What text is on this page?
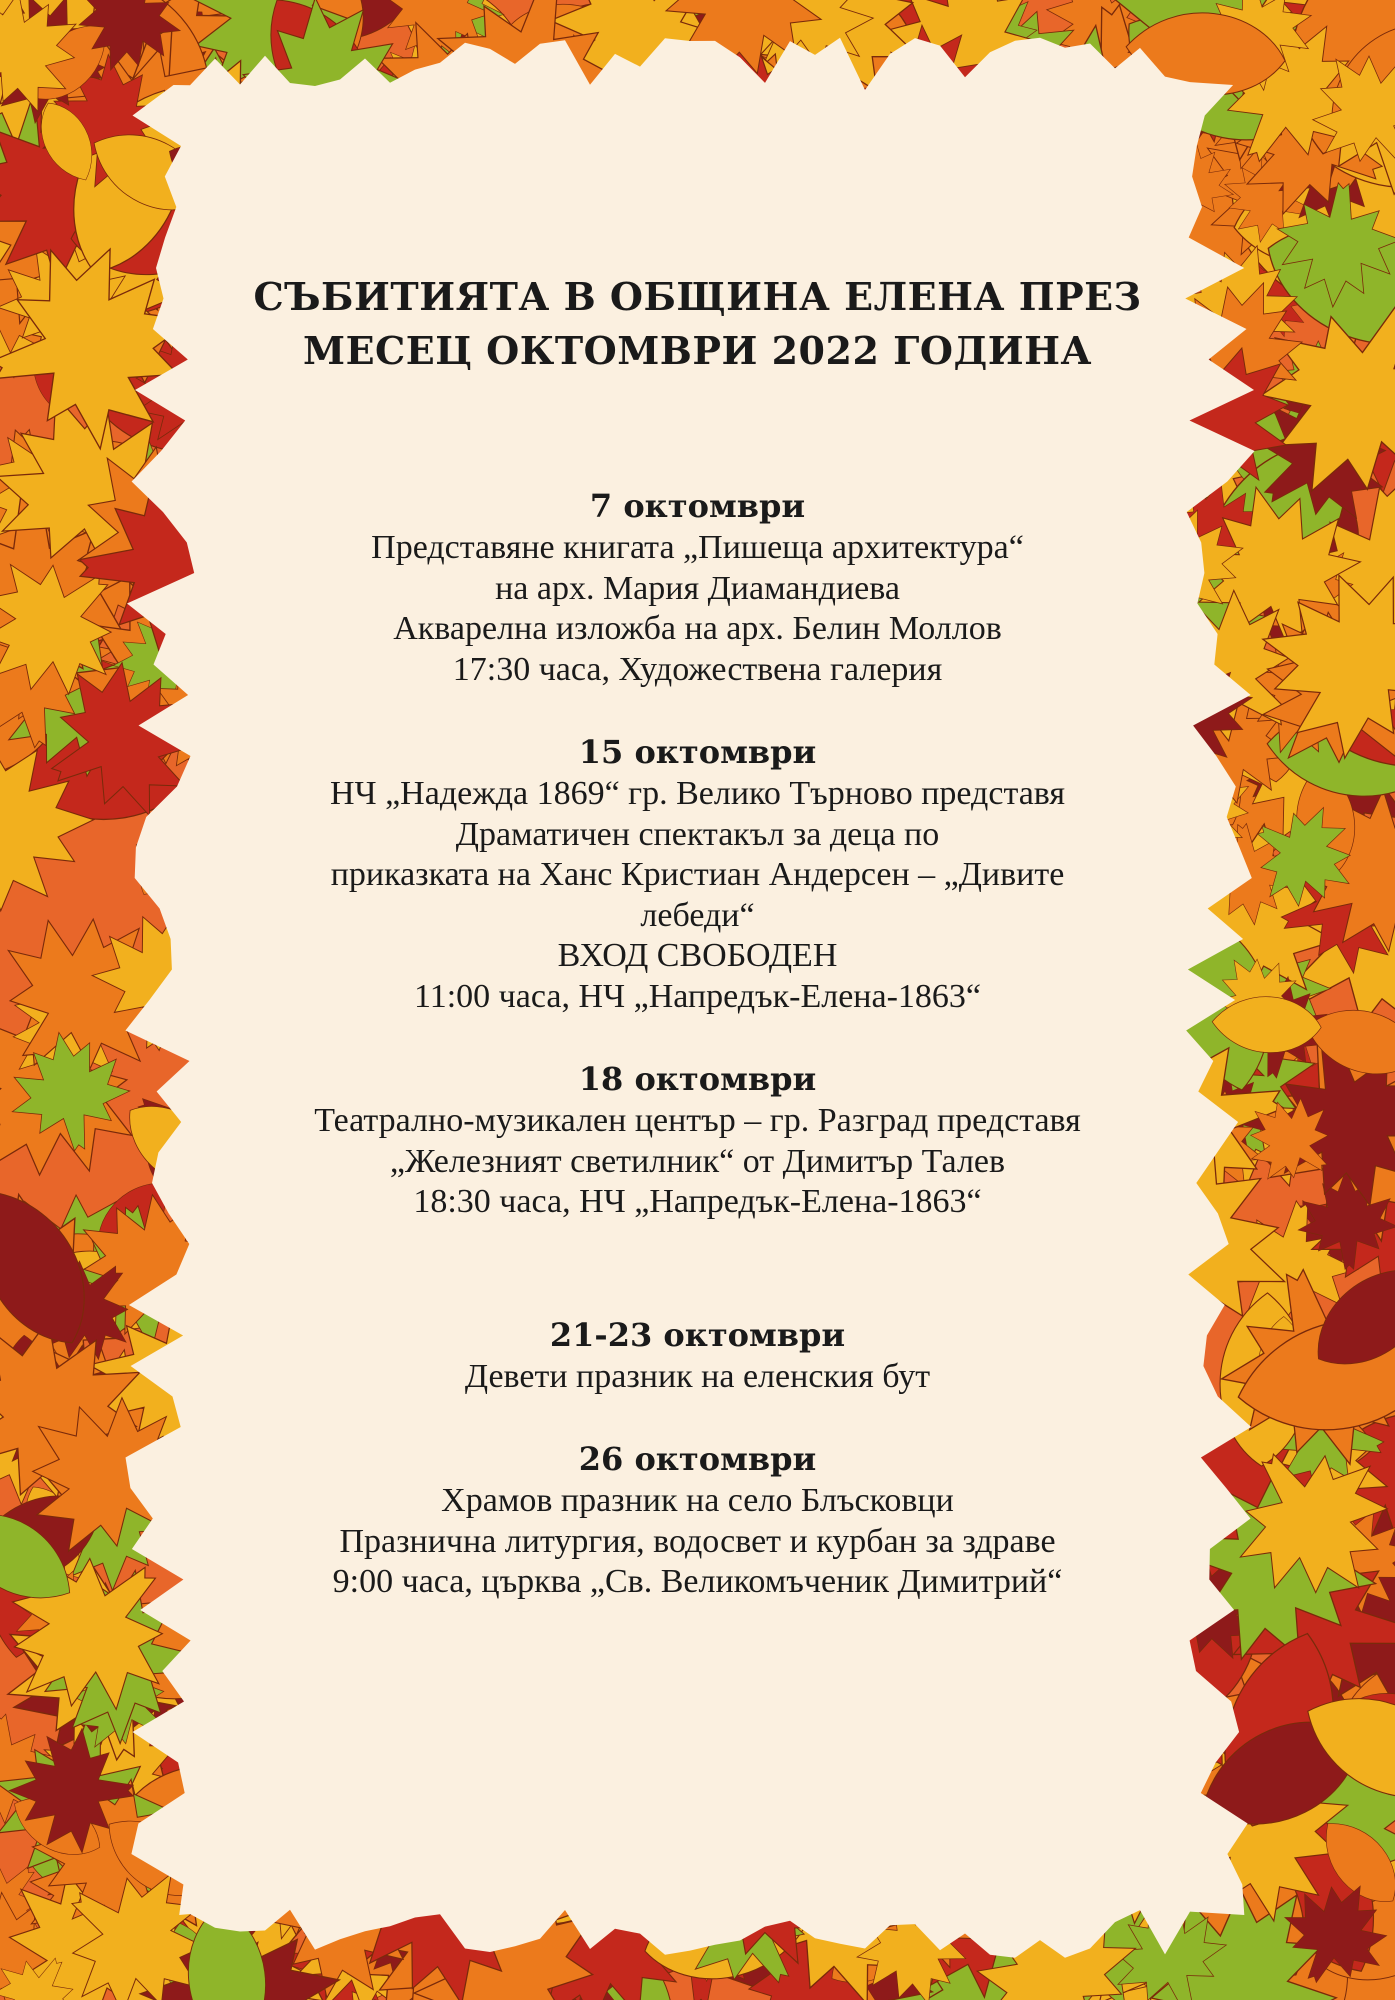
СЪБИТИЯТА В ОБЩИНА ЕЛЕНА ПРЕЗ
МЕСЕЦ ОКТОМВРИ 2022 ГОДИНА
7 октомври
Представяне книгата „Пишеща архитектура“
на арх. Мария Диамандиева
Акварелна изложба на арх. Белин Моллов
17:30 часа, Художествена галерия
15 октомври
НЧ „Надежда 1869“ гр. Велико Търново представя
Драматичен спектакъл за деца по
приказката на Ханс Кристиан Андерсен – „Дивите
лебеди“
ВХОД СВОБОДЕН
11:00 часа, НЧ „Напредък-Елена-1863“
18 октомври
Театрално-музикален център – гр. Разград представя
„Железният светилник“ от Димитър Талев
18:30 часа, НЧ „Напредък-Елена-1863“
21-23 октомври
Девети празник на еленския бут
26 октомври
Храмов празник на село Блъсковци
Празнична литургия, водосвет и курбан за здраве
9:00 часа, църква „Св. Великомъченик Димитрий“
